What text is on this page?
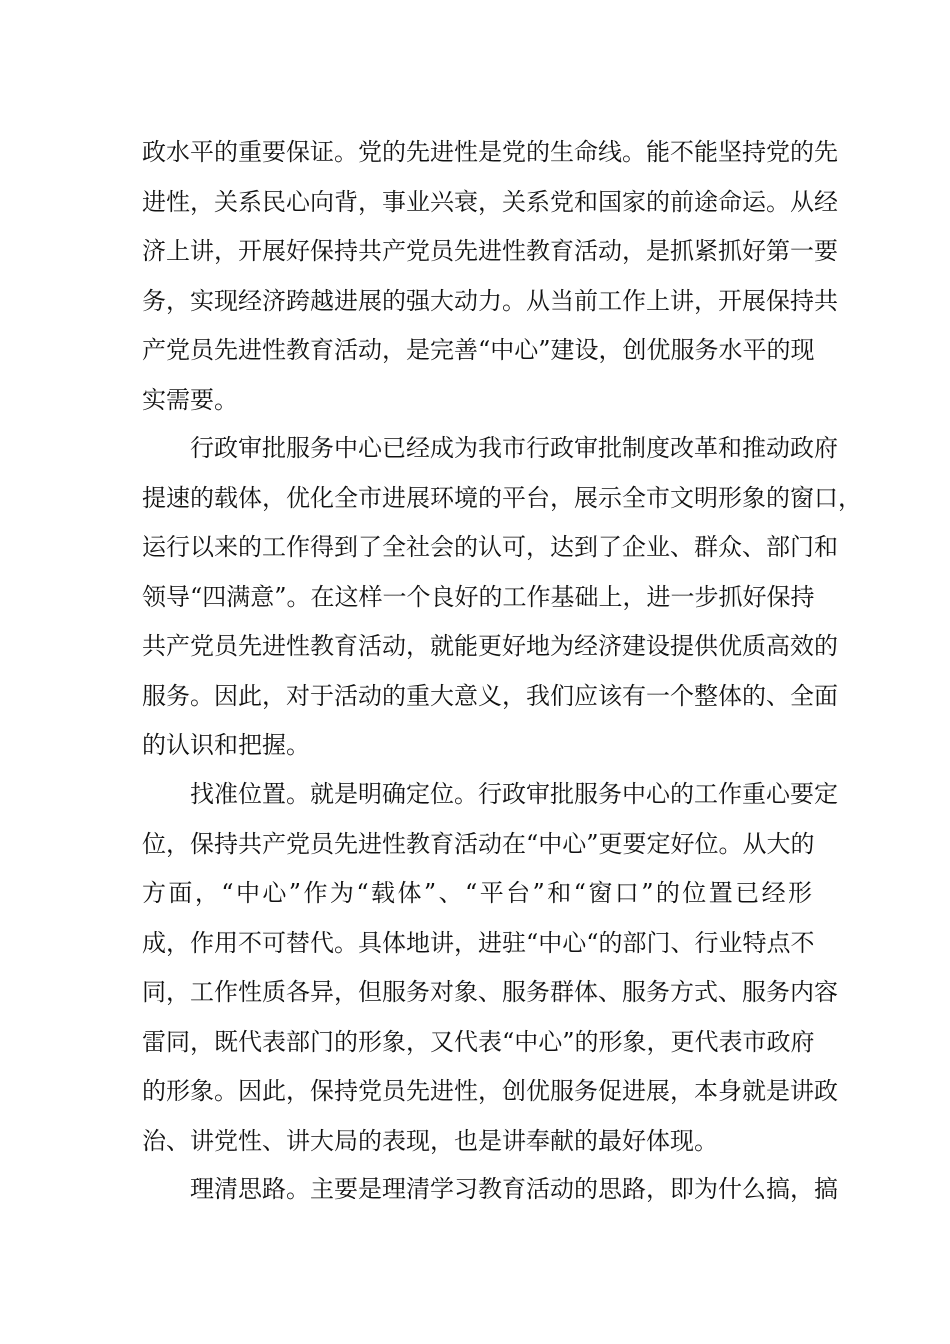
政水平的重要保证。党的先进性是党的生命线。能不能坚持党的先
进性，关系民心向背，事业兴衰，关系党和国家的前途命运。从经
济上讲，开展好保持共产党员先进性教育活动，是抓紧抓好第一要
务，实现经济跨越进展的强大动力。从当前工作上讲，开展保持共
产党员先进性教育活动，是完善“中心”建设，创优服务水平的现
实需要。
行政审批服务中心已经成为我市行政审批制度改革和推动政府
提速的载体，优化全市进展环境的平台，展示全市文明形象的窗口，
运行以来的工作得到了全社会的认可，达到了企业、群众、部门和
领导“四满意”。在这样一个良好的工作基础上，进一步抓好保持
共产党员先进性教育活动，就能更好地为经济建设提供优质高效的
服务。因此，对于活动的重大意义，我们应该有一个整体的、全面
的认识和把握。
找准位置。就是明确定位。行政审批服务中心的工作重心要定
位，保持共产党员先进性教育活动在“中心”更要定好位。从大的
方面，“中心”作为“载体”、“平台”和“窗口”的位置已经形
成，作用不可替代。具体地讲，进驻“中心“的部门、行业特点不
同，工作性质各异，但服务对象、服务群体、服务方式、服务内容
雷同，既代表部门的形象，又代表“中心”的形象，更代表市政府
的形象。因此，保持党员先进性，创优服务促进展，本身就是讲政
治、讲党性、讲大局的表现，也是讲奉献的最好体现。
理清思路。主要是理清学习教育活动的思路，即为什么搞，搞
